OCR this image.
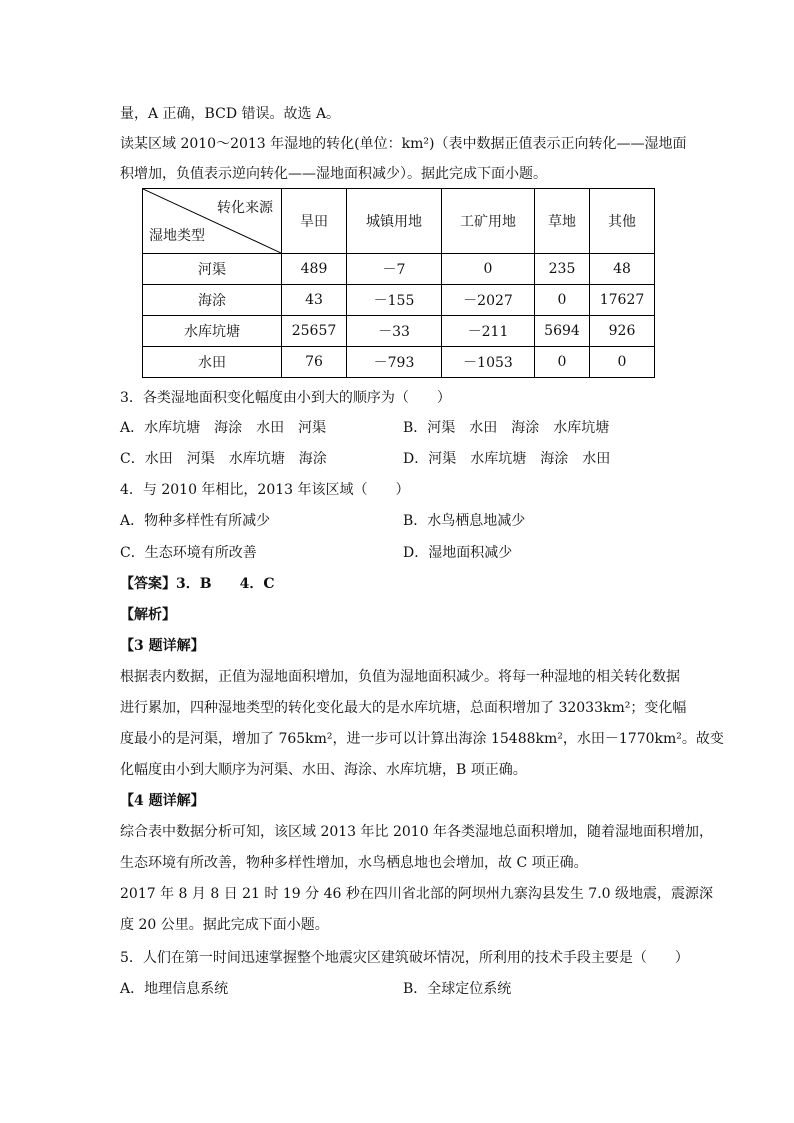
量，A 正确，BCD 错误。故选 A。
读某区域 2010～2013 年湿地的转化(单位：km²)（表中数据正值表示正向转化——湿地面
积增加，负值表示逆向转化——湿地面积减少）。据此完成下面小题。
转化来源
湿地类型	旱田	城镇用地	工矿用地	草地	其他
河渠	489	－7	0	235	48
海涂	43	－155	－2027	0	17627
水库坑塘	25657	－33	－211	5694	926
水田	76	－793	－1053	0	0
3．各类湿地面积变化幅度由小到大的顺序为（　　）
A．水库坑塘　海涂　水田　河渠	B．河渠　水田　海涂　水库坑塘
C．水田　河渠　水库坑塘　海涂	D．河渠　水库坑塘　海涂　水田
4．与 2010 年相比，2013 年该区域（　　）
A．物种多样性有所减少	B．水鸟栖息地减少
C．生态环境有所改善	D．湿地面积减少
【答案】3．B　　4．C
【解析】
【3 题详解】
根据表内数据，正值为湿地面积增加，负值为湿地面积减少。将每一种湿地的相关转化数据
进行累加，四种湿地类型的转化变化最大的是水库坑塘，总面积增加了 32033km²；变化幅
度最小的是河渠，增加了 765km²，进一步可以计算出海涂 15488km²，水田－1770km²。故变
化幅度由小到大顺序为河渠、水田、海涂、水库坑塘，B 项正确。
【4 题详解】
综合表中数据分析可知，该区域 2013 年比 2010 年各类湿地总面积增加，随着湿地面积增加，
生态环境有所改善，物种多样性增加，水鸟栖息地也会增加，故 C 项正确。
2017 年 8 月 8 日 21 时 19 分 46 秒在四川省北部的阿坝州九寨沟县发生 7.0 级地震，震源深
度 20 公里。据此完成下面小题。
5．人们在第一时间迅速掌握整个地震灾区建筑破坏情况，所利用的技术手段主要是（　　）
A．地理信息系统	B．全球定位系统
